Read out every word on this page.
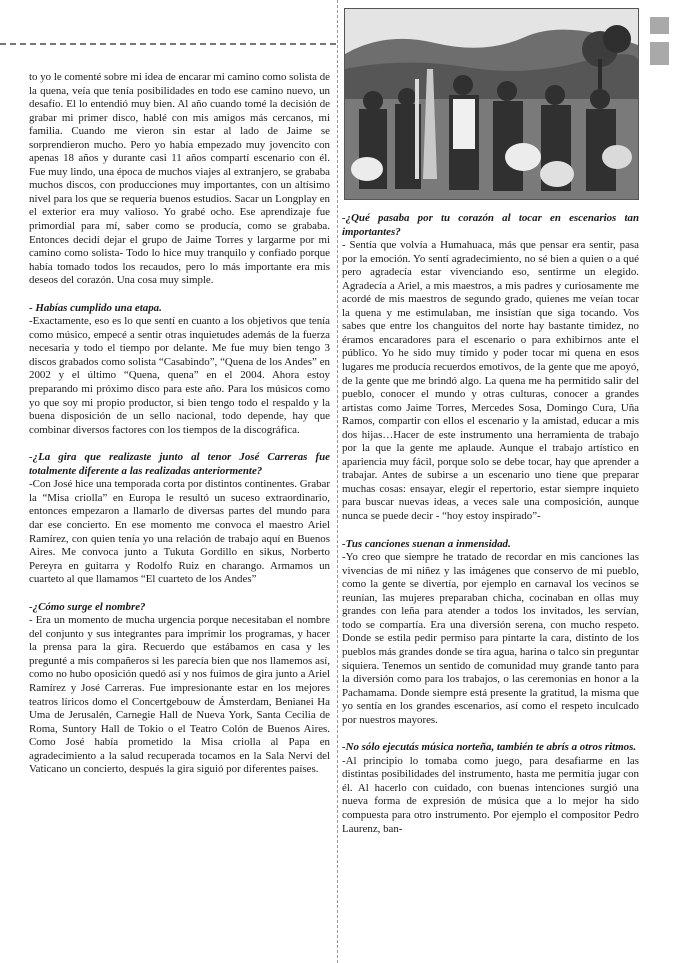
to yo le comenté sobre mi idea de encarar mi camino como solista de la quena, veía que tenía posibilidades en todo ese camino nuevo, un desafío. El lo entendió muy bien. Al año cuando tomé la decisión de grabar mi primer disco, hablé con mis amigos más cercanos, mi familia. Cuando me vieron sin estar al lado de Jaime se sorprendieron mucho. Pero yo había empezado muy jovencito con apenas 18 años y durante casi 11 años compartí escenario con él. Fue muy lindo, una época de muchos viajes al extranjero, se grababa muchos discos, con producciones muy importantes, con un altísimo nivel para los que se requería buenos estudios. Sacar un Longplay en el exterior era muy valioso. Yo grabé ocho. Ese aprendizaje fue primordial para mí, saber como se producía, como se grababa. Entonces decidí dejar el grupo de Jaime Torres y largarme por mi camino como solista- Todo lo hice muy tranquilo y confiado porque había tomado todos los recaudos, pero lo más importante era mis deseos del corazón. Una cosa muy simple.

- Habías cumplido una etapa.

-Exactamente, eso es lo que sentí en cuanto a los objetivos que tenía como músico, empecé a sentir otras inquietudes además de la fuerza necesaria y todo el tiempo por delante. Me fue muy bien tengo 3 discos grabados como solista “Casabindo”, “Quena de los Andes” en 2002 y el último “Quena, quena” en el 2004. Ahora estoy preparando mi próximo disco para este año. Para los músicos como yo que soy mi propio productor, si bien tengo todo el respaldo y la buena disposición de un sello nacional, todo depende, hay que combinar diversos factores con los tiempos de la discográfica.

-¿La gira que realizaste junto al tenor José Carreras fue totalmente diferente a las realizadas anteriormente?

-Con José hice una temporada corta por distintos continentes. Grabar la “Misa criolla” en Europa le resultó un suceso extraordinario, entonces empezaron a llamarlo de diversas partes del mundo para dar ese concierto. En ese momento me convoca el maestro Ariel Ramírez, con quien tenía yo una relación de trabajo aquí en Buenos Aires. Me convoca junto a Tukuta Gordillo en sikus, Norberto Pereyra en guitarra y Rodolfo Ruiz en charango. Armamos un cuarteto al que llamamos “El cuarteto de los Andes”

-¿Cómo surge el nombre?

- Era un momento de mucha urgencia porque necesitaban el nombre del conjunto y sus integrantes para imprimir los programas, y hacer la prensa para la gira. Recuerdo que estábamos en casa y les pregunté a mis compañeros si les parecía bien que nos llamemos así, como no hubo oposición quedó así y nos fuimos de gira junto a Ariel Ramírez y José Carreras. Fue impresionante estar en los mejores teatros líricos domo el Concertgebouw de Ámsterdam, Benianei Ha Uma de Jerusalén, Carnegie Hall de Nueva York, Santa Cecilia de Roma, Suntory Hall de Tokio o el Teatro Colón de Buenos Aires. Como José había prometido la Misa criolla al Papa en agradecimiento a la salud recuperada tocamos en la Sala Nervi del Vaticano un concierto, después la gira siguió por diferentes países.

-¿Qué pasaba por tu corazón al tocar en escenarios tan importantes?

- Sentía que volvía a Humahuaca, más que pensar era sentir, pasa por la emoción. Yo sentí agradecimiento, no sé bien a quien o a qué pero agradecía estar vivenciando eso, sentirme un elegido. Agradecía a Ariel, a mis maestros, a mis padres y curiosamente me acordé de mis maestros de segundo grado, quienes me veían tocar la quena y me estimulaban, me insistían que siga tocando. Vos sabes que entre los changuitos del norte hay bastante timidez, no éramos encaradores para el escenario o para exhibirnos ante el público. Yo he sido muy tímido y poder tocar mi quena en esos lugares me producía recuerdos emotivos, de la gente que me apoyó, de la gente que me brindó algo. La quena me ha permitido salir del pueblo, conocer el mundo y otras culturas, conocer a grandes artistas como Jaime Torres, Mercedes Sosa, Domingo Cura, Uña Ramos, compartir con ellos el escenario y la amistad, educar a mis dos hijas…Hacer de este instrumento una herramienta de trabajo por la que la gente me aplaude. Aunque el trabajo artístico en apariencia muy fácil, porque solo se debe tocar, hay que aprender a trabajar. Antes de subirse a un escenario uno tiene que preparar muchas cosas: ensayar, elegir el repertorio, estar siempre inquieto para buscar nuevas ideas, a veces sale una composición, aunque nunca se puede decir - “hoy estoy inspirado”-

-Tus canciones suenan a inmensidad.

-Yo creo que siempre he tratado de recordar en mis canciones las vivencias de mi niñez y las imágenes que conservo de mi pueblo, como la gente se divertía, por ejemplo en carnaval los vecinos se reunían, las mujeres preparaban chicha, cocinaban en ollas muy grandes con leña para atender a todos los invitados, les servían, todo se compartía. Era una diversión serena, con mucho respeto. Donde se estila pedir permiso para pintarte la cara, distinto de los pueblos más grandes donde se tira agua, harina o talco sin preguntar siquiera. Tenemos un sentido de comunidad muy grande tanto para la diversión como para los trabajos, o las ceremonias en honor a la Pachamama. Donde siempre está presente la gratitud, la misma que yo sentía en los grandes escenarios, así como el respeto inculcado por nuestros mayores.

-No sólo ejecutás música norteña, también te abrís a otros ritmos.

-Al principio lo tomaba como juego, para desafiarme en las distintas posibilidades del instrumento, hasta me permitía jugar con él. Al hacerlo con cuidado, con buenas intenciones surgió una nueva forma de expresión de música que a lo mejor ha sido compuesta para otro instrumento. Por ejemplo el compositor Pedro Laurenz, ban-
